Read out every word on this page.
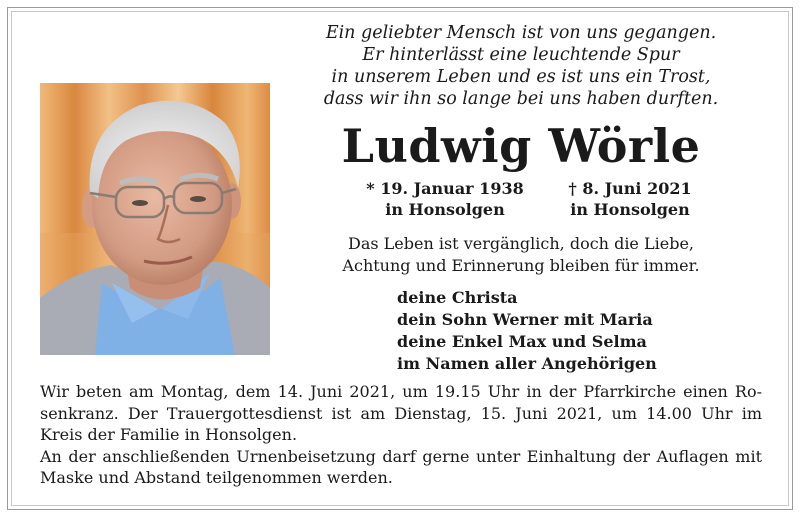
Ein geliebter Mensch ist von uns gegangen.
Er hinterlässt eine leuchtende Spur
in unserem Leben und es ist uns ein Trost,
dass wir ihn so lange bei uns haben durften.
Ludwig Wörle
* 19. Januar 1938
in Honsolgen
† 8. Juni 2021
in Honsolgen
Das Leben ist vergänglich, doch die Liebe,
Achtung und Erinnerung bleiben für immer.
deine Christa
dein Sohn Werner mit Maria
deine Enkel Max und Selma
im Namen aller Angehörigen
Wir beten am Montag, dem 14. Juni 2021, um 19.15 Uhr in der Pfarrkirche einen Ro-
senkranz. Der Trauergottesdienst ist am Dienstag, 15. Juni 2021, um 14.00 Uhr im
Kreis der Familie in Honsolgen.
An der anschließenden Urnenbeisetzung darf gerne unter Einhaltung der Auflagen mit
Maske und Abstand teilgenommen werden.
